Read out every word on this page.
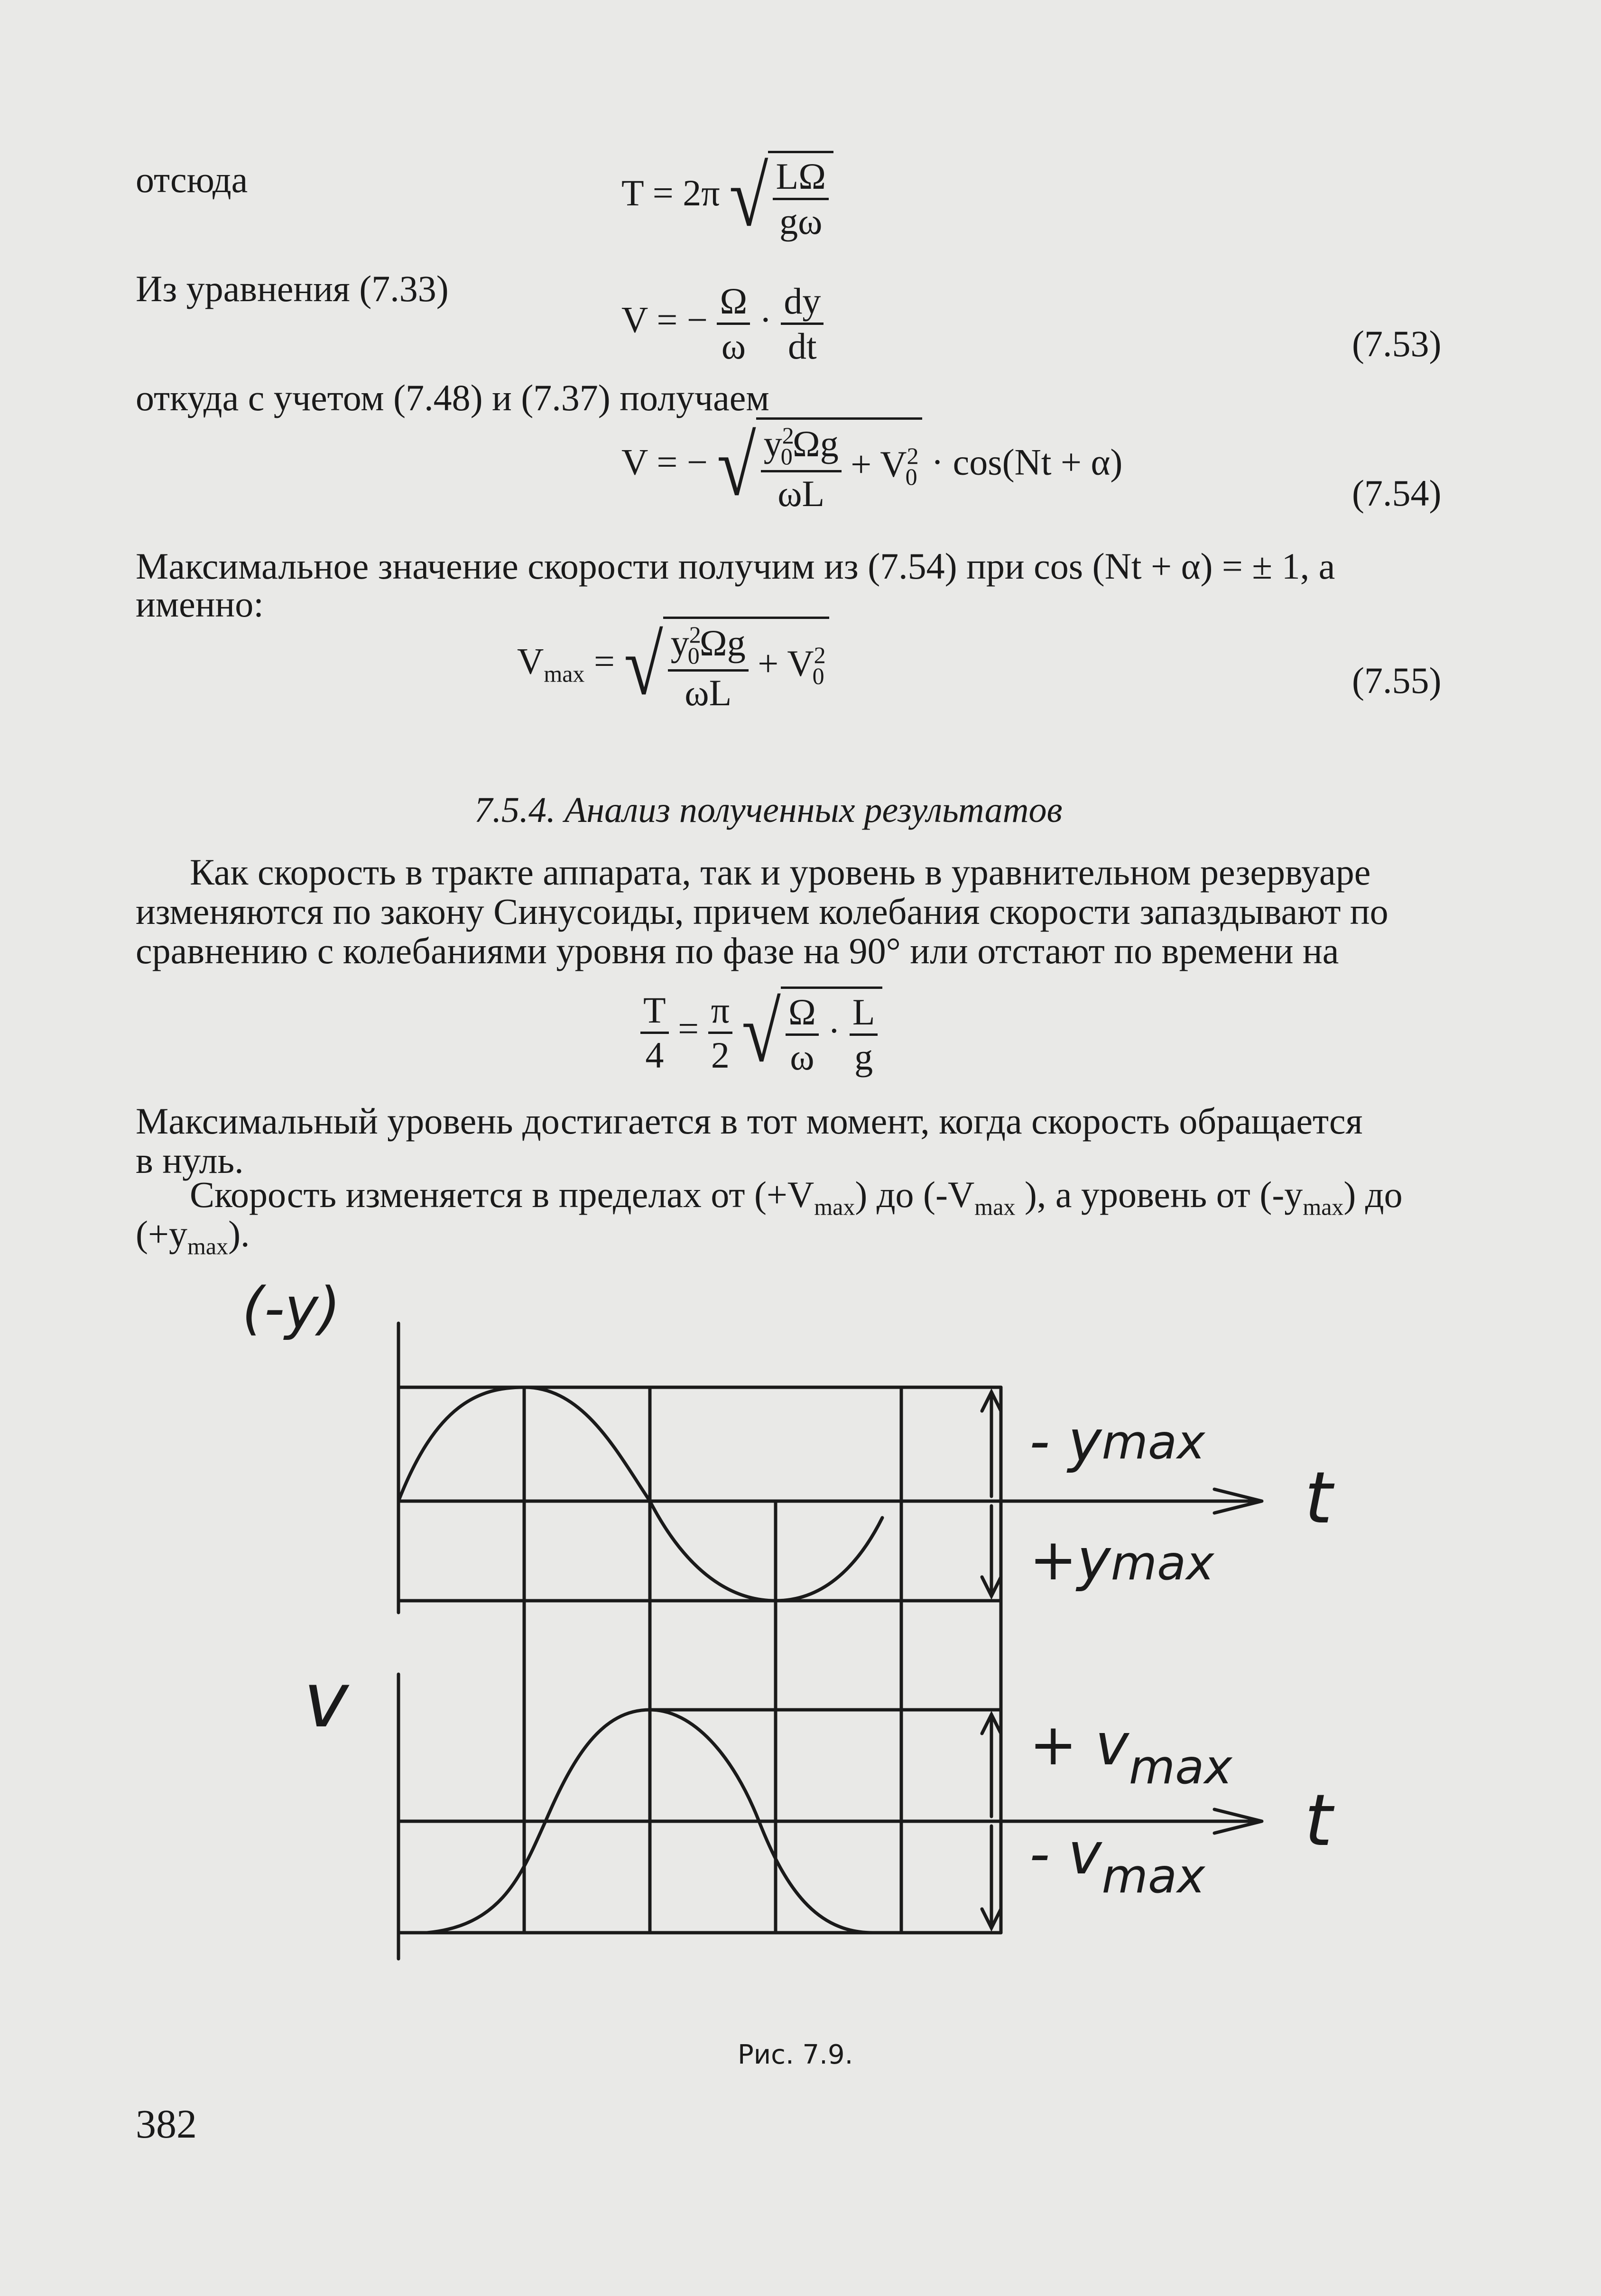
отсюда	T = 2π √ $\frac{L\Omega}{g\omega}$
Из уравнения (7.33)
V = − $\frac{\Omega}{\omega} \cdot \frac{dy}{dt}$	(7.53)
откуда с учетом (7.48) и (7.37) получаем
V = − √ $\frac{y^2_0\Omega g}{\omega L} + V^2_0 \cdot \cos(Nt + \alpha)$
(7.54)
Максимальное значение скорости получим из (7.54) при cos (Nt + α) = ± 1, а
именно:
$V_{max}$ = √ $\frac{y^2_0\Omega g}{\omega L} + V^2_0$	(7.55)
7.5.4. Анализ полученных результатов
Как скорость в тракте аппарата, так и уровень в уравнительном резервуаре
изменяются по закону Синусоиды, причем колебания скорости запаздывают по
сравнению с колебаниями уровня по фазе на 90° или отстают по времени на
$\frac{T}{4} = \frac{\pi}{2}$ √ $\frac{\Omega}{\omega} \cdot \frac{L}{g}$
Максимальный уровень достигается в тот момент, когда скорость обращается
в нуль.
Скорость изменяется в пределах от $(+V_{max})$ до ($-V_{max}$ ), а уровень от $(-y_{max})$ до
$(+y_{max})$.
(-y)
v
t
t
- ymax
+ymax
+ $v_{max}$
- $v_{max}$
Рис. 7.9.
382
